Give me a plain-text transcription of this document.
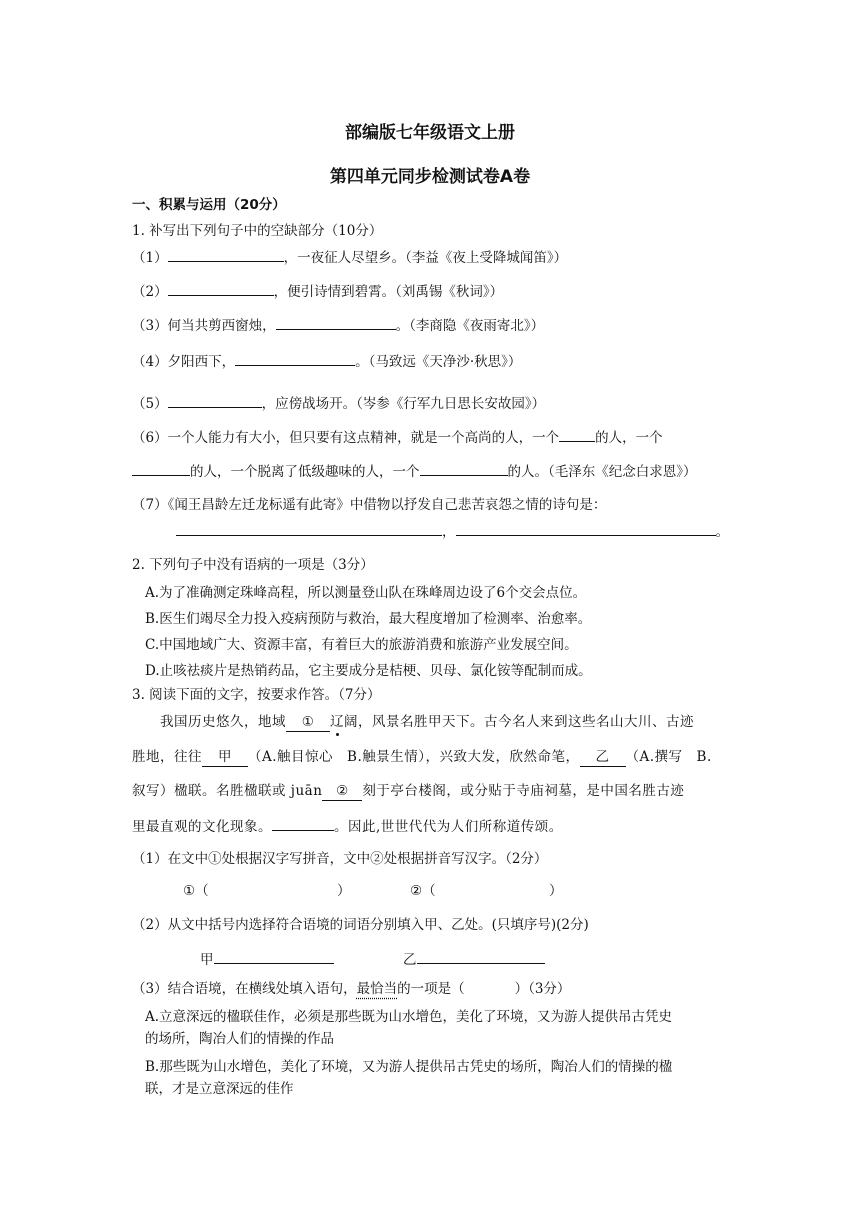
部编版七年级语文上册
第四单元同步检测试卷A卷
一、积累与运用（20分）
1. 补写出下列句子中的空缺部分（10分）
（1）	，一夜征人尽望乡。（李益《夜上受降城闻笛》）
（2）	，便引诗情到碧霄。（刘禹锡《秋词》）
（3）何当共剪西窗烛，	。（李商隐《夜雨寄北》）
（4）夕阳西下，	。（马致远《天净沙·秋思》）
（5）	，应傍战场开。（岑参《行军九日思长安故园》）
（6）一个人能力有大小，但只要有这点精神，就是一个高尚的人，一个	的人，一个
的人，一个脱离了低级趣味的人，一个	的人。（毛泽东《纪念白求恩》）
（7）《闻王昌龄左迁龙标遥有此寄》中借物以抒发自己悲苦哀怨之情的诗句是：
，	。
2. 下列句子中没有语病的一项是（3分）
A.为了准确测定珠峰高程，所以测量登山队在珠峰周边设了6个交会点位。
B.医生们竭尽全力投入疫病预防与救治，最大程度增加了检测率、治愈率。
C.中国地域广大、资源丰富，有着巨大的旅游消费和旅游产业发展空间。
D.止咳祛痰片是热销药品，它主要成分是桔梗、贝母、氯化铵等配制而成。
3. 阅读下面的文字，按要求作答。（7分）
我国历史悠久，地域 ① 辽阔，风景名胜甲天下。古今名人来到这些名山大川、古迹
胜地，往往 甲 （A.触目惊心　B.触景生情），兴致大发，欣然命笔， 乙 （A.撰写　B.
叙写）楹联。名胜楹联或 juān ② 刻于亭台楼阁，或分贴于寺庙祠墓，是中国名胜古迹
里最直观的文化现象。	。因此,世世代代为人们所称道传颂。
（1）在文中①处根据汉字写拼音，文中②处根据拼音写汉字。（2分）
①（	）	②（	）
（2）从文中括号内选择符合语境的词语分别填入甲、乙处。(只填序号)(2分)
甲	乙
（3）结合语境，在横线处填入语句，最恰当的一项是（	）（3分）
A.立意深远的楹联佳作，必须是那些既为山水增色，美化了环境，又为游人提供吊古凭史
的场所，陶冶人们的情操的作品
B.那些既为山水增色，美化了环境，又为游人提供吊古凭史的场所，陶冶人们的情操的楹
联，才是立意深远的佳作
